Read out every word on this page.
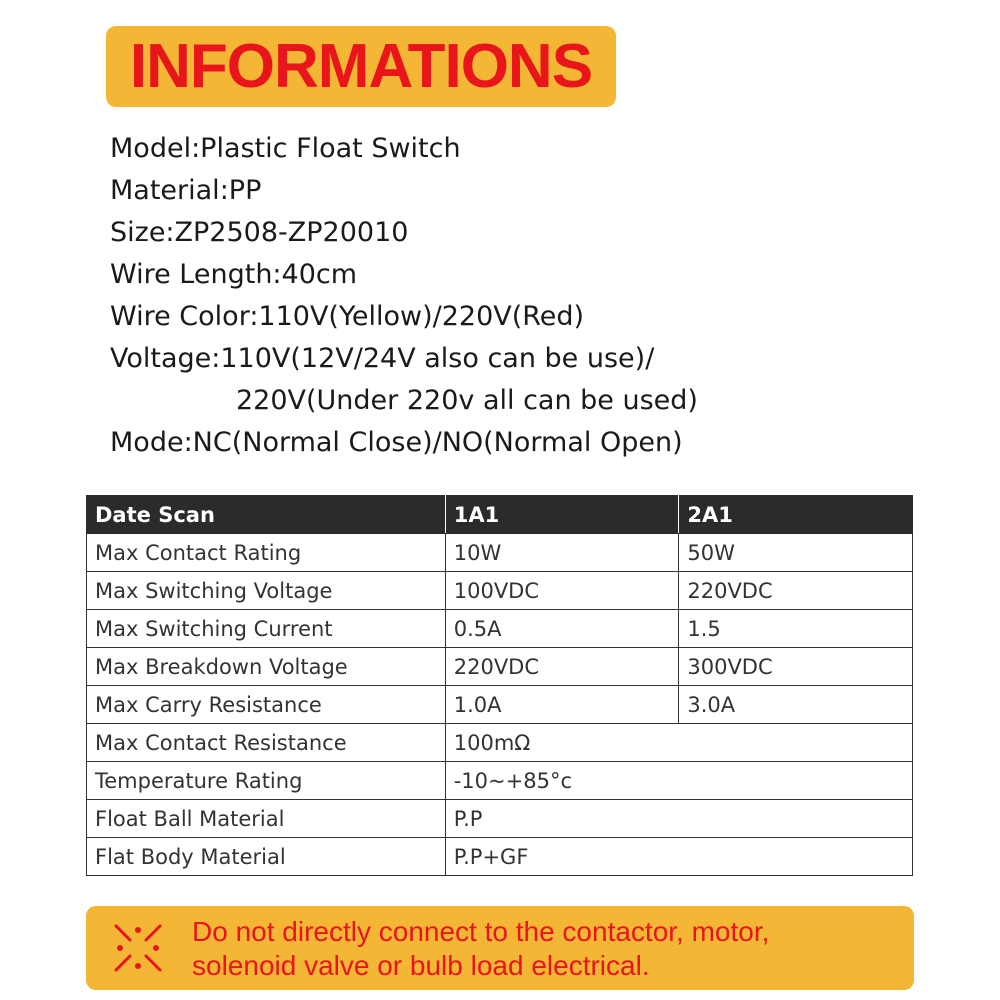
INFORMATIONS
Model:Plastic Float Switch
Material:PP
Size:ZP2508-ZP20010
Wire Length:40cm
Wire Color:110V(Yellow)/220V(Red)
Voltage:110V(12V/24V also can be use)/
220V(Under 220v all can be used)
Mode:NC(Normal Close)/NO(Normal Open)
Date Scan	1A1	2A1
Max Contact Rating	10W	50W
Max Switching Voltage	100VDC	220VDC
Max Switching Current	0.5A	1.5
Max Breakdown Voltage	220VDC	300VDC
Max Carry Resistance	1.0A	3.0A
Max Contact Resistance	100mΩ	
Temperature Rating	-10~+85°c	
Float Ball Material	P.P	
Flat Body Material	P.P+GF	
Do not directly connect to the contactor, motor,
solenoid valve or bulb load electrical.
